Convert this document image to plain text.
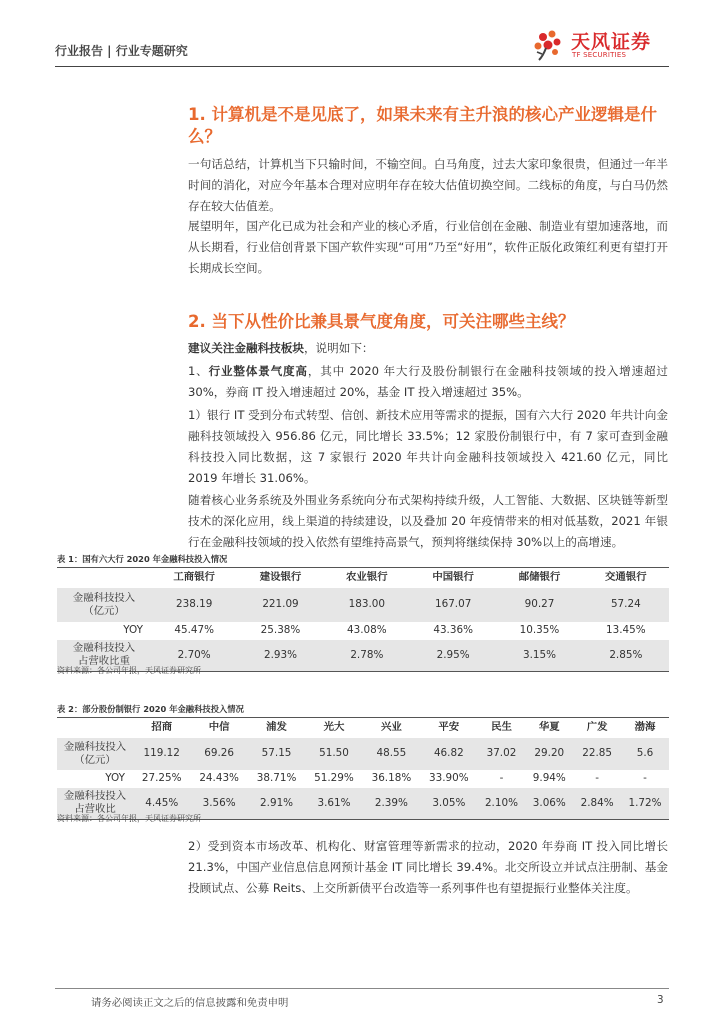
行业报告 | 行业专题研究	天风证券
TF SECURITIES
1. 计算机是不是见底了，如果未来有主升浪的核心产业逻辑是什么？
一句话总结，计算机当下只输时间，不输空间。白马角度，过去大家印象很贵，但通过一年半时间的消化，对应今年基本合理对应明年存在较大估值切换空间。二线标的角度，与白马仍然存在较大估值差。
展望明年，国产化已成为社会和产业的核心矛盾，行业信创在金融、制造业有望加速落地，而从长期看，行业信创背景下国产软件实现“可用”乃至“好用”，软件正版化政策红利更有望打开长期成长空间。
2. 当下从性价比兼具景气度角度，可关注哪些主线？
建议关注金融科技板块，说明如下：
1、行业整体景气度高，其中 2020 年大行及股份制银行在金融科技领域的投入增速超过 30%，券商 IT 投入增速超过 20%，基金 IT 投入增速超过 35%。
1）银行 IT 受到分布式转型、信创、新技术应用等需求的提振，国有六大行 2020 年共计向金融科技领域投入 956.86 亿元，同比增长 33.5%；12 家股份制银行中，有 7 家可查到金融科技投入同比数据，这 7 家银行 2020 年共计向金融科技领域投入 421.60 亿元，同比 2019 年增长 31.06%。
随着核心业务系统及外围业务系统向分布式架构持续升级，人工智能、大数据、区块链等新型技术的深化应用，线上渠道的持续建设，以及叠加 20 年疫情带来的相对低基数，2021 年银行在金融科技领域的投入依然有望维持高景气，预判将继续保持 30%以上的高增速。
表 1：国有六大行 2020 年金融科技投入情况
	工商银行	建设银行	农业银行	中国银行	邮储银行	交通银行

金融科技投入
（亿元）	238.19	221.09	183.00	167.07	90.27	57.24

YOY	45.47%	25.38%	43.08%	43.36%	10.35%	13.45%

金融科技投入
占营收比重	2.70%	2.93%	2.78%	2.95%	3.15%	2.85%
资料来源：各公司年报，天风证券研究所
表 2：部分股份制银行 2020 年金融科技投入情况
	招商	中信	浦发	光大	兴业	平安	民生	华夏	广发	渤海

金融科技投入
（亿元）	119.12	69.26	57.15	51.50	48.55	46.82	37.02	29.20	22.85	5.6

YOY	27.25%	24.43%	38.71%	51.29%	36.18%	33.90%	-	9.94%	-	-

金融科技投入
占营收比	4.45%	3.56%	2.91%	3.61%	2.39%	3.05%	2.10%	3.06%	2.84%	1.72%
资料来源：各公司年报，天风证券研究所
2）受到资本市场改革、机构化、财富管理等新需求的拉动，2020 年券商 IT 投入同比增长 21.3%，中国产业信息信息网预计基金 IT 同比增长 39.4%。北交所设立并试点注册制、基金投顾试点、公募 Reits、上交所新债平台改造等一系列事件也有望提振行业整体关注度。
请务必阅读正文之后的信息披露和免责申明	3
